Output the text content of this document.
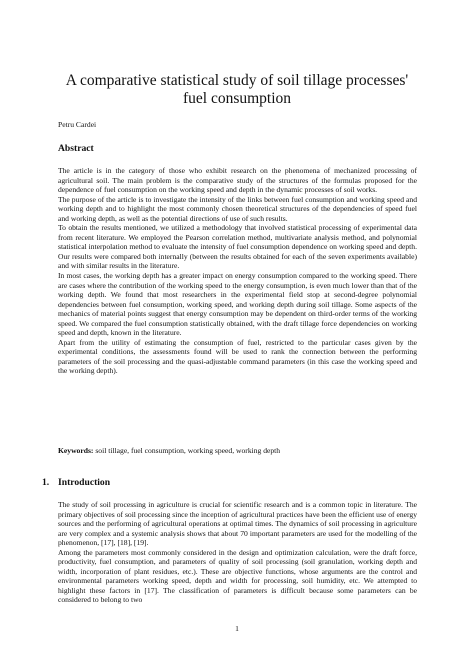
A comparative statistical study of soil tillage processes' fuel consumption
Petru Cardei
Abstract

The article is in the category of those who exhibit research on the phenomena of mechanized processing of agricultural soil. The main problem is the comparative study of the structures of the formulas proposed for the dependence of fuel consumption on the working speed and depth in the dynamic processes of soil works.

The purpose of the article is to investigate the intensity of the links between fuel consumption and working speed and working depth and to highlight the most commonly chosen theoretical structures of the dependencies of speed fuel and working depth, as well as the potential directions of use of such results.

To obtain the results mentioned, we utilized a methodology that involved statistical processing of experimental data from recent literature. We employed the Pearson correlation method, multivariate analysis method, and polynomial statistical interpolation method to evaluate the intensity of fuel consumption dependence on working speed and depth. Our results were compared both internally (between the results obtained for each of the seven experiments available) and with similar results in the literature.

In most cases, the working depth has a greater impact on energy consumption compared to the working speed. There are cases where the contribution of the working speed to the energy consumption, is even much lower than that of the working depth. We found that most researchers in the experimental field stop at second-degree polynomial dependencies between fuel consumption, working speed, and working depth during soil tillage. Some aspects of the mechanics of material points suggest that energy consumption may be dependent on third-order terms of the working speed. We compared the fuel consumption statistically obtained, with the draft tillage force dependencies on working speed and depth, known in the literature.

Apart from the utility of estimating the consumption of fuel, restricted to the particular cases given by the experimental conditions, the assessments found will be used to rank the connection between the performing parameters of the soil processing and the quasi-adjustable command parameters (in this case the working speed and the working depth).

Keywords: soil tillage, fuel consumption, working speed, working depth
1. Introduction

The study of soil processing in agriculture is crucial for scientific research and is a common topic in literature. The primary objectives of soil processing since the inception of agricultural practices have been the efficient use of energy sources and the performing of agricultural operations at optimal times. The dynamics of soil processing in agriculture are very complex and a systemic analysis shows that about 70 important parameters are used for the modelling of the phenomenon, [17], [18], [19].

Among the parameters most commonly considered in the design and optimization calculation, were the draft force, productivity, fuel consumption, and parameters of quality of soil processing (soil granulation, working depth and width, incorporation of plant residues, etc.). These are objective functions, whose arguments are the control and environmental parameters working speed, depth and width for processing, soil humidity, etc. We attempted to highlight these factors in [17]. The classification of parameters is difficult because some parameters can be considered to belong to two

1
